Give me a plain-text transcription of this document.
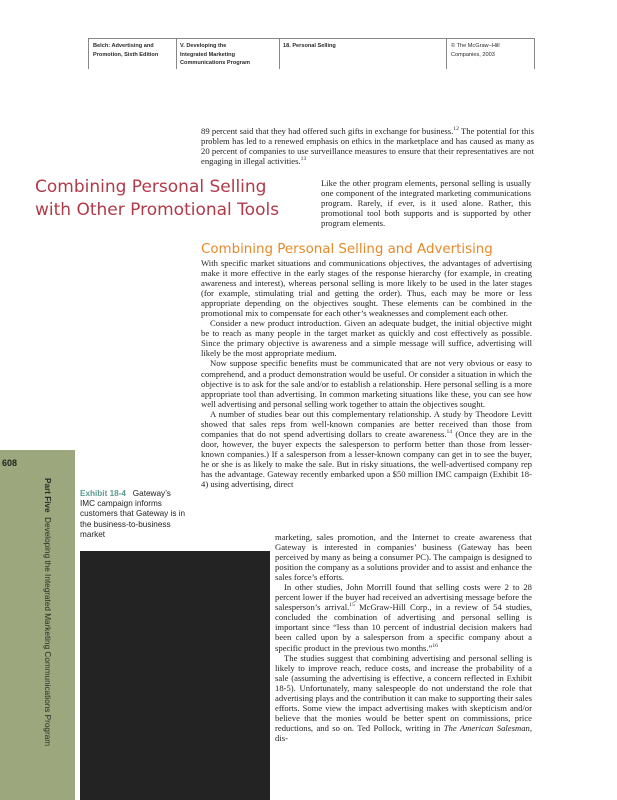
Belch: Advertising and
Promotion, Sixth Edition
V. Developing the
Integrated Marketing
Communications Program
18. Personal Selling	© The McGraw−Hill
Companies, 2003

89 percent said that they had offered such gifts in exchange for business.$^{12}$ The potential for this problem has led to a renewed emphasis on ethics in the marketplace and has caused as many as 20 percent of companies to use surveillance measures to ensure that their representatives are not engaging in illegal activities.$^{13}$

Combining Personal Selling
with Other Promotional Tools

Like the other program elements, personal selling is usually one component of the integrated marketing communications program. Rarely, if ever, is it used alone. Rather, this promotional tool both supports and is supported by other program elements.

Combining Personal Selling and Advertising

With specific market situations and communications objectives, the advantages of advertising make it more effective in the early stages of the response hierarchy (for example, in creating awareness and interest), whereas personal selling is more likely to be used in the later stages (for example, stimulating trial and getting the order). Thus, each may be more or less appropriate depending on the objectives sought. These elements can be combined in the promotional mix to compensate for each other’s weaknesses and complement each other.

Consider a new product introduction. Given an adequate budget, the initial objective might be to reach as many people in the target market as quickly and cost effectively as possible. Since the primary objective is awareness and a simple message will suffice, advertising will likely be the most appropriate medium.

Now suppose specific benefits must be communicated that are not very obvious or easy to comprehend, and a product demonstration would be useful. Or consider a situation in which the objective is to ask for the sale and/or to establish a relationship. Here personal selling is a more appropriate tool than advertising. In common marketing situations like these, you can see how well advertising and personal selling work together to attain the objectives sought.

A number of studies bear out this complementary relationship. A study by Theodore Levitt showed that sales reps from well-known companies are better received than those from companies that do not spend advertising dollars to create awareness.$^{14}$ (Once they are in the door, however, the buyer expects the salesperson to perform better than those from lesser-known companies.) If a salesperson from a lesser-known company can get in to see the buyer, he or she is as likely to make the sale. But in risky situations, the well-advertised company rep has the advantage. Gateway recently embarked upon a $50 million IMC campaign (Exhibit 18-4) using advertising, direct

marketing, sales promotion, and the Internet to create awareness that Gateway is interested in companies’ business (Gateway has been perceived by many as being a consumer PC). The campaign is designed to position the company as a solutions provider and to assist and enhance the sales force’s efforts.

In other studies, John Morrill found that selling costs were 2 to 28 percent lower if the buyer had received an advertising message before the salesperson’s arrival.$^{15}$ McGraw-Hill Corp., in a review of 54 studies, concluded the combination of advertising and personal selling is important since “less than 10 percent of industrial decision makers had been called upon by a salesperson from a specific company about a specific product in the previous two months.”$^{16}$

The studies suggest that combining advertising and personal selling is likely to improve reach, reduce costs, and increase the probability of a sale (assuming the advertising is effective, a concern reflected in Exhibit 18-5). Unfortunately, many salespeople do not understand the role that advertising plays and the contribution it can make to supporting their sales efforts. Some view the impact advertising makes with skepticism and/or believe that the monies would be better spent on commissions, price reductions, and so on. Ted Pollock, writing in The American Salesman, dis-

608
Part Five  Developing the Integrated Marketing Communications Program
Exhibit 18-4 Gateway’s IMC campaign informs customers that Gateway is in the business-to-business market
